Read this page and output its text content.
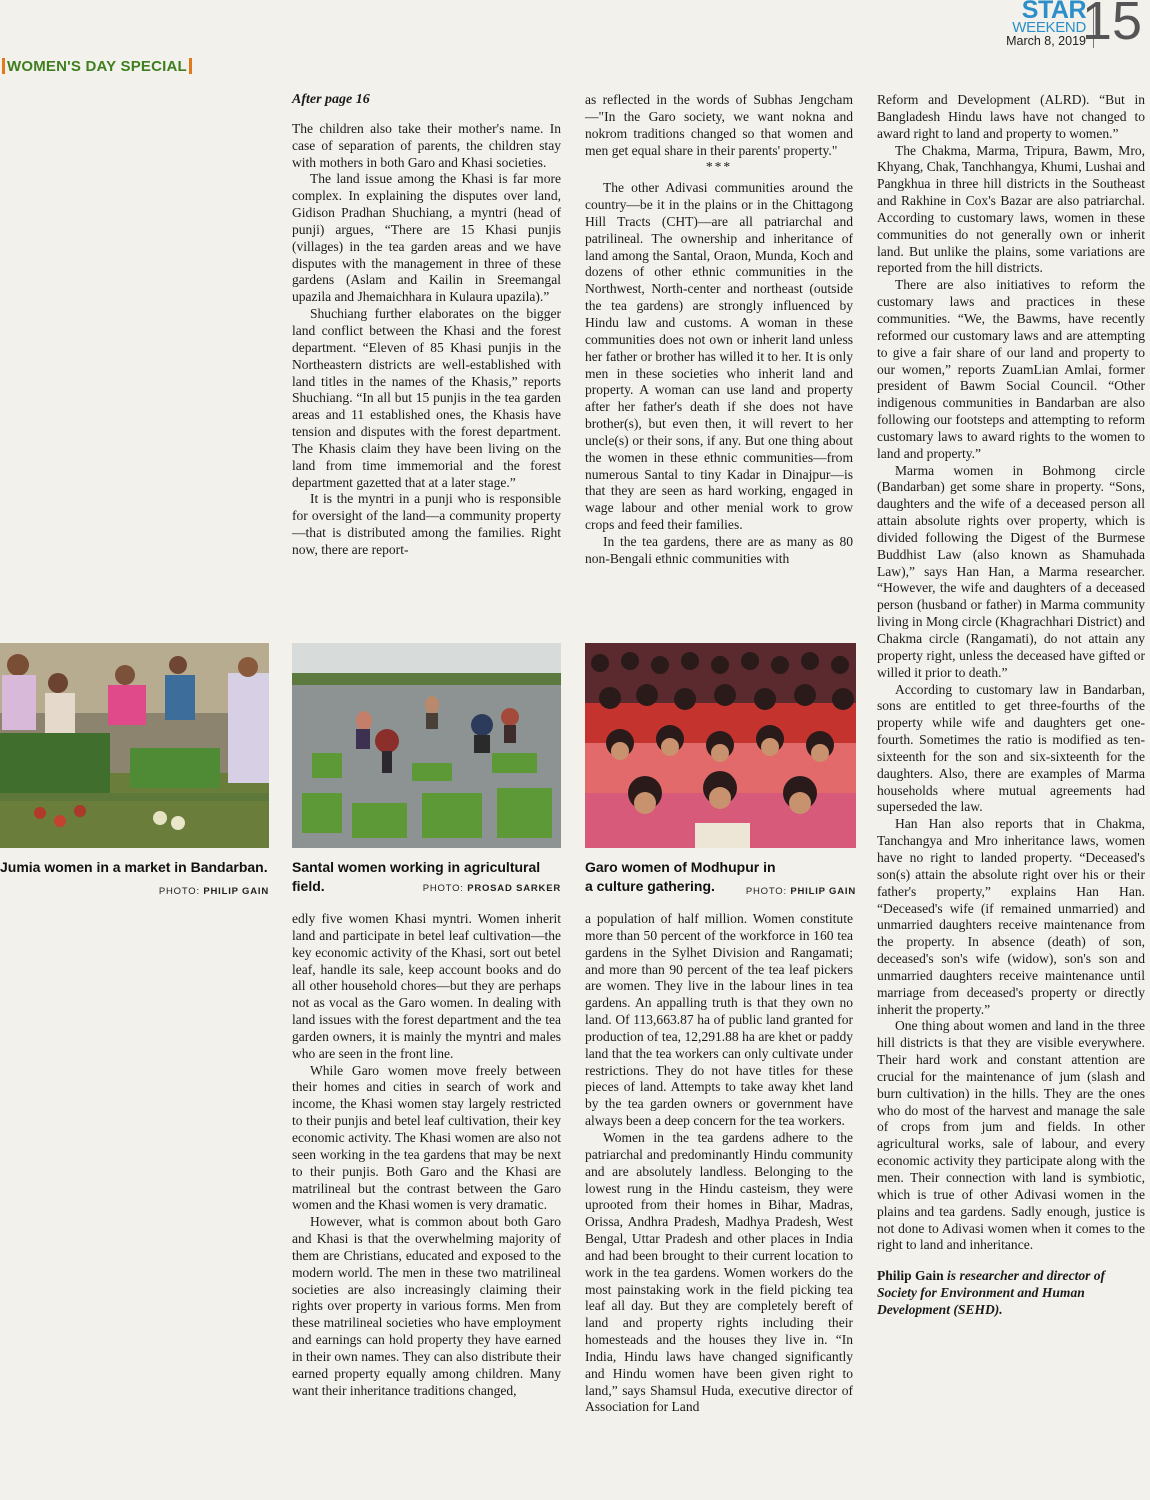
STAR
WEEKEND
March 8, 2019
15
WOMEN'S DAY SPECIAL

After page 16

The children also take their mother's name. In case of separation of parents, the children stay with mothers in both Garo and Khasi societies.

The land issue among the Khasi is far more complex. In explaining the disputes over land, Gidison Pradhan Shuchiang, a myntri (head of punji) argues, “There are 15 Khasi punjis (villages) in the tea garden areas and we have disputes with the management in three of these gardens (Aslam and Kailin in Sreemangal upazila and Jhemaichhara in Kulaura upazila).”

Shuchiang further elaborates on the bigger land conflict between the Khasi and the forest department. “Eleven of 85 Khasi punjis in the Northeastern districts are well-established with land titles in the names of the Khasis,” reports Shuchiang. “In all but 15 punjis in the tea garden areas and 11 established ones, the Khasis have tension and disputes with the forest department. The Khasis claim they have been living on the land from time immemorial and the forest department gazetted that at a later stage.”

It is the myntri in a punji who is responsible for oversight of the land—a community property—that is distributed among the families. Right now, there are report-

as reflected in the words of Subhas Jengcham—"In the Garo society, we want nokna and nokrom traditions changed so that women and men get equal share in their parents' property."

***

The other Adivasi communities around the country—be it in the plains or in the Chittagong Hill Tracts (CHT)—are all patriarchal and patrilineal. The ownership and inheritance of land among the Santal, Oraon, Munda, Koch and dozens of other ethnic communities in the Northwest, North-center and northeast (outside the tea gardens) are strongly influenced by Hindu law and customs. A woman in these communities does not own or inherit land unless her father or brother has willed it to her. It is only men in these societies who inherit land and property. A woman can use land and property after her father's death if she does not have brother(s), but even then, it will revert to her uncle(s) or their sons, if any. But one thing about the women in these ethnic communities—from numerous Santal to tiny Kadar in Dinajpur—is that they are seen as hard working, engaged in wage labour and other menial work to grow crops and feed their families.

In the tea gardens, there are as many as 80 non-Bengali ethnic communities with

Reform and Development (ALRD). “But in Bangladesh Hindu laws have not changed to award right to land and property to women.”

The Chakma, Marma, Tripura, Bawm, Mro, Khyang, Chak, Tanchhangya, Khumi, Lushai and Pangkhua in three hill districts in the Southeast and Rakhine in Cox's Bazar are also patriarchal. According to customary laws, women in these communities do not generally own or inherit land. But unlike the plains, some variations are reported from the hill districts.

There are also initiatives to reform the customary laws and practices in these communities. “We, the Bawms, have recently reformed our customary laws and are attempting to give a fair share of our land and property to our women,” reports ZuamLian Amlai, former president of Bawm Social Council. “Other indigenous communities in Bandarban are also following our footsteps and attempting to reform customary laws to award rights to the women to land and property.”

Marma women in Bohmong circle (Bandarban) get some share in property. “Sons, daughters and the wife of a deceased person all attain absolute rights over property, which is divided following the Digest of the Burmese Buddhist Law (also known as Shamuhada Law),” says Han Han, a Marma researcher. “However, the wife and daughters of a deceased person (husband or father) in Marma community living in Mong circle (Khagrachhari District) and Chakma circle (Rangamati), do not attain any property right, unless the deceased have gifted or willed it prior to death.”

According to customary law in Bandarban, sons are entitled to get three-fourths of the property while wife and daughters get one-fourth. Sometimes the ratio is modified as ten-sixteenth for the son and six-sixteenth for the daughters. Also, there are examples of Marma households where mutual agreements had superseded the law.

Han Han also reports that in Chakma, Tanchangya and Mro inheritance laws, women have no right to landed property. “Deceased's son(s) attain the absolute right over his or their father's property,” explains Han Han. “Deceased's wife (if remained unmarried) and unmarried daughters receive maintenance from the property. In absence (death) of son, deceased's son's wife (widow), son's son and unmarried daughters receive maintenance until marriage from deceased's property or directly inherit the property.”

One thing about women and land in the three hill districts is that they are visible everywhere. Their hard work and constant attention are crucial for the maintenance of jum (slash and burn cultivation) in the hills. They are the ones who do most of the harvest and manage the sale of crops from jum and fields. In other agricultural works, sale of labour, and every economic activity they participate along with the men. Their connection with land is symbiotic, which is true of other Adivasi women in the plains and tea gardens. Sadly enough, justice is not done to Adivasi women when it comes to the right to land and inheritance.

Philip Gain is researcher and director of Society for Environment and Human Development (SEHD).

Jumia women in a market in Bandarban.
PHOTO: PHILIP GAIN
Santal women working in agricultural field.	PHOTO: PROSAD SARKER
Garo women of Modhupur in a culture gathering.	PHOTO: PHILIP GAIN

edly five women Khasi myntri. Women inherit land and participate in betel leaf cultivation—the key economic activity of the Khasi, sort out betel leaf, handle its sale, keep account books and do all other household chores—but they are perhaps not as vocal as the Garo women. In dealing with land issues with the forest department and the tea garden owners, it is mainly the myntri and males who are seen in the front line.

While Garo women move freely between their homes and cities in search of work and income, the Khasi women stay largely restricted to their punjis and betel leaf cultivation, their key economic activity. The Khasi women are also not seen working in the tea gardens that may be next to their punjis. Both Garo and the Khasi are matrilineal but the contrast between the Garo women and the Khasi women is very dramatic.

However, what is common about both Garo and Khasi is that the overwhelming majority of them are Christians, educated and exposed to the modern world. The men in these two matrilineal societies are also increasingly claiming their rights over property in various forms. Men from these matrilineal societies who have employment and earnings can hold property they have earned in their own names. They can also distribute their earned property equally among children. Many want their inheritance traditions changed,

a population of half million. Women constitute more than 50 percent of the workforce in 160 tea gardens in the Sylhet Division and Rangamati; and more than 90 percent of the tea leaf pickers are women. They live in the labour lines in tea gardens. An appalling truth is that they own no land. Of 113,663.87 ha of public land granted for production of tea, 12,291.88 ha are khet or paddy land that the tea workers can only cultivate under restrictions. They do not have titles for these pieces of land. Attempts to take away khet land by the tea garden owners or government have always been a deep concern for the tea workers.

Women in the tea gardens adhere to the patriarchal and predominantly Hindu community and are absolutely landless. Belonging to the lowest rung in the Hindu casteism, they were uprooted from their homes in Bihar, Madras, Orissa, Andhra Pradesh, Madhya Pradesh, West Bengal, Uttar Pradesh and other places in India and had been brought to their current location to work in the tea gardens. Women workers do the most painstaking work in the field picking tea leaf all day. But they are completely bereft of land and property rights including their homesteads and the houses they live in. “In India, Hindu laws have changed significantly and Hindu women have been given right to land,” says Shamsul Huda, executive director of Association for Land
